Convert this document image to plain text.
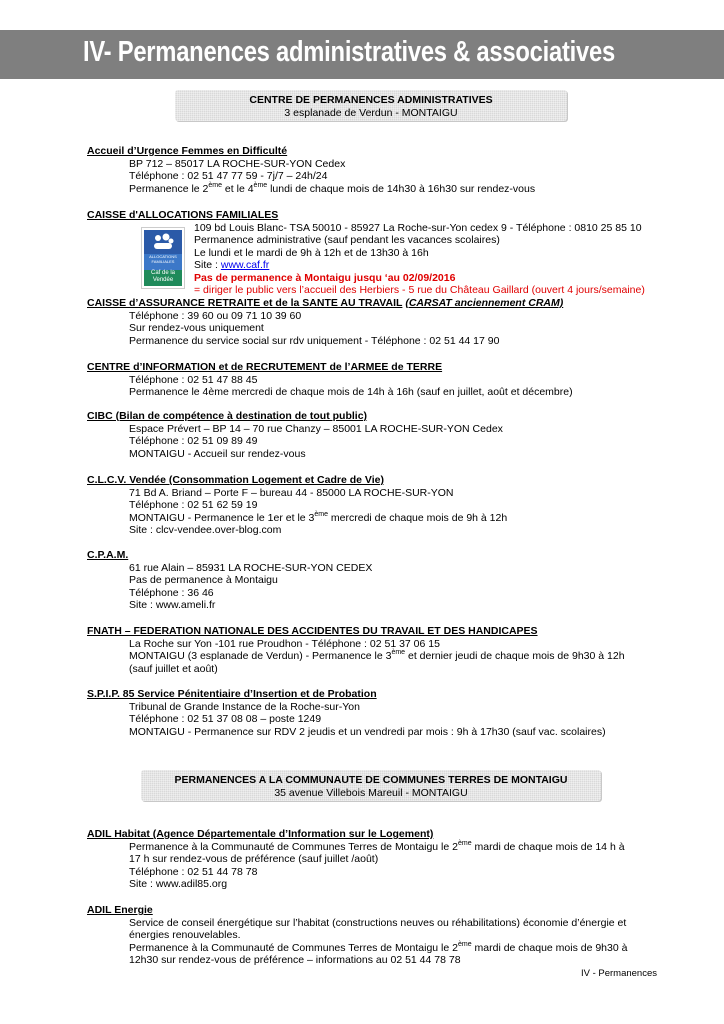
IV- Permanences administratives & associatives
CENTRE DE PERMANENCES ADMINISTRATIVES
3 esplanade de Verdun - MONTAIGU
Accueil d’Urgence Femmes en Difficulté
BP 712 – 85017 LA ROCHE-SUR-YON Cedex
Téléphone : 02 51 47 77 59 - 7j/7 – 24h/24
Permanence le 2ème et le 4ème lundi de chaque mois de 14h30 à 16h30 sur rendez-vous
CAISSE d'ALLOCATIONS FAMILIALES
109 bd Louis Blanc- TSA 50010 - 85927 La Roche-sur-Yon cedex 9 - Téléphone : 0810 25 85 10
Permanence administrative (sauf pendant les vacances scolaires)
Le lundi et le mardi de 9h à 12h et de 13h30 à 16h
Site : www.caf.fr
Pas de permanence à Montaigu jusqu ‘au 02/09/2016
= diriger le public vers l’accueil des Herbiers - 5 rue du Château Gaillard (ouvert 4 jours/semaine)
ALLOCATIONS FAMILIALES
Caf de la Vendée
CAISSE d’ASSURANCE RETRAITE et de la SANTE AU TRAVAIL (CARSAT anciennement CRAM)
Téléphone : 39 60 ou 09 71 10 39 60
Sur rendez-vous uniquement
Permanence du service social sur rdv uniquement - Téléphone : 02 51 44 17 90
CENTRE d’INFORMATION et de RECRUTEMENT de l’ARMEE de TERRE
Téléphone : 02 51 47 88 45
Permanence le 4ème mercredi de chaque mois de 14h à 16h (sauf en juillet, août et décembre)
CIBC (Bilan de compétence à destination de tout public)
Espace Prévert – BP 14 – 70 rue Chanzy – 85001 LA ROCHE-SUR-YON Cedex
Téléphone : 02 51 09 89 49
MONTAIGU - Accueil sur rendez-vous
C.L.C.V. Vendée (Consommation Logement et Cadre de Vie)
71 Bd A. Briand – Porte F – bureau 44 - 85000 LA ROCHE-SUR-YON
Téléphone : 02 51 62 59 19
MONTAIGU - Permanence le 1er et le 3ème mercredi de chaque mois de 9h à 12h
Site : clcv-vendee.over-blog.com
C.P.A.M.
61 rue Alain – 85931 LA ROCHE-SUR-YON CEDEX
Pas de permanence à Montaigu
Téléphone : 36 46
Site : www.ameli.fr
FNATH – FEDERATION NATIONALE DES ACCIDENTES DU TRAVAIL ET DES HANDICAPES
La Roche sur Yon -101 rue Proudhon - Téléphone : 02 51 37 06 15
MONTAIGU (3 esplanade de Verdun) - Permanence le 3ème et dernier jeudi de chaque mois de 9h30 à 12h
(sauf juillet et août)
S.P.I.P. 85 Service Pénitentiaire d’Insertion et de Probation
Tribunal de Grande Instance de la Roche-sur-Yon
Téléphone : 02 51 37 08 08 – poste 1249
MONTAIGU - Permanence sur RDV 2 jeudis et un vendredi par mois : 9h à 17h30 (sauf vac. scolaires)
PERMANENCES A LA COMMUNAUTE DE COMMUNES TERRES DE MONTAIGU
35 avenue Villebois Mareuil - MONTAIGU
ADIL Habitat (Agence Départementale d’Information sur le Logement)
Permanence à la Communauté de Communes Terres de Montaigu le 2ème mardi de chaque mois de 14 h à
17 h sur rendez-vous de préférence (sauf juillet /août)
Téléphone : 02 51 44 78 78
Site : www.adil85.org
ADIL Energie
Service de conseil énergétique sur l’habitat (constructions neuves ou réhabilitations) économie d’énergie et
énergies renouvelables.
Permanence à la Communauté de Communes Terres de Montaigu le 2ème mardi de chaque mois de 9h30 à
12h30 sur rendez-vous de préférence – informations au 02 51 44 78 78
IV - Permanences
